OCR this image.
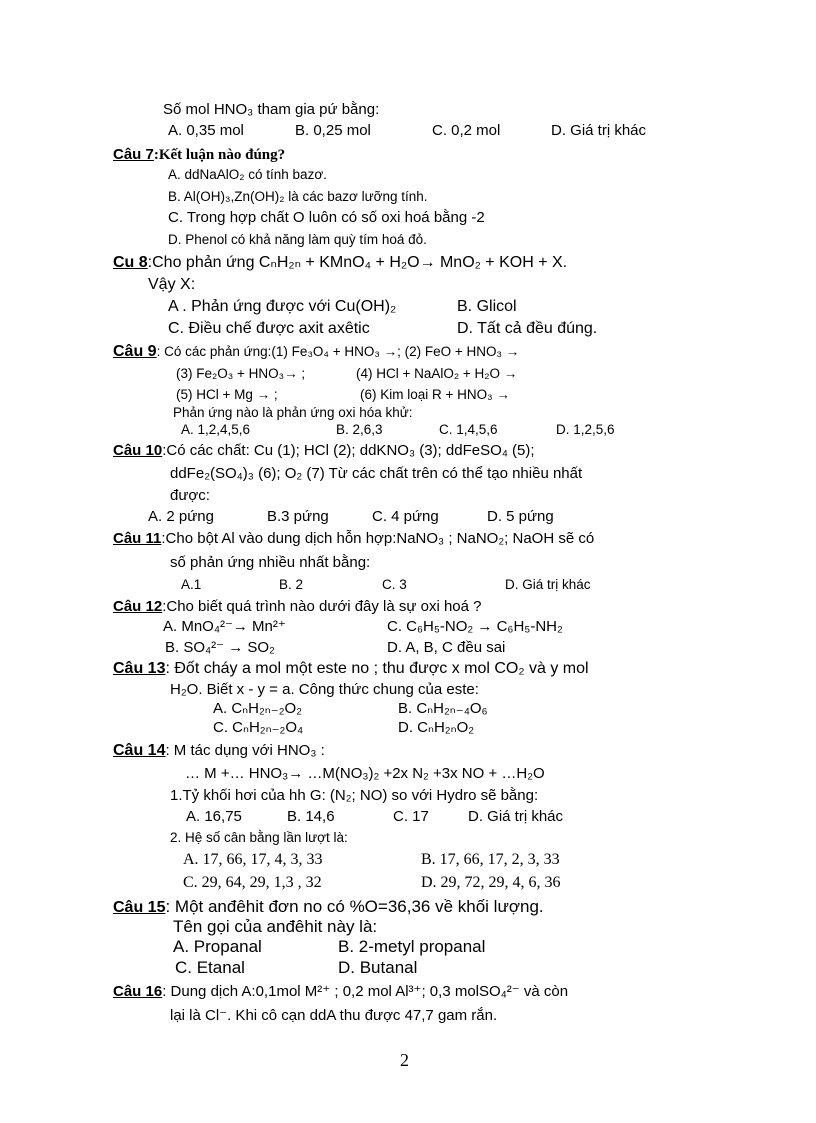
Số mol HNO₃ tham gia pứ bằng:
A. 0,35 mol	B. 0,25 mol	C. 0,2 mol	D. Giá trị khác
Câu 7:Kết luận nào đúng?
A. ddNaAlO₂ có tính bazơ.
B. Al(OH)₃,Zn(OH)₂ là các bazơ lưỡng tính.
C. Trong hợp chất O luôn có số oxi hoá bằng -2
D. Phenol có khả năng làm quỳ tím hoá đỏ.
Cu 8:Cho phản ứng CₙH₂ₙ + KMnO₄ + H₂O→ MnO₂ + KOH + X.
Vậy X:
A . Phản ứng được với Cu(OH)₂	B. Glicol
C. Điều chế được axit axêtic	D. Tất cả đều đúng.
Câu 9: Có các phản ứng:(1) Fe₃O₄ + HNO₃ →; (2) FeO + HNO₃ →
(3) Fe₂O₃ + HNO₃→ ;	(4) HCl + NaAlO₂ + H₂O →
(5) HCl + Mg → ;	(6) Kim loại R + HNO₃ →
Phản ứng nào là phản ứng oxi hóa khử:
A. 1,2,4,5,6	B. 2,6,3	C. 1,4,5,6	D. 1,2,5,6
Câu 10:Có các chất: Cu (1); HCl (2); ddKNO₃ (3); ddFeSO₄ (5);
ddFe₂(SO₄)₃ (6); O₂ (7) Từ các chất trên có thể tạo nhiều nhất
được:
A. 2 pứng	B.3 pứng	C. 4 pứng	D. 5 pứng
Câu 11:Cho bột Al vào dung dịch hỗn hợp:NaNO₃ ; NaNO₂; NaOH sẽ có
số phản ứng nhiều nhất bằng:
A.1	B. 2	C. 3	D. Giá trị khác
Câu 12:Cho biết quá trình nào dưới đây là sự oxi hoá ?
A. MnO₄²⁻→ Mn²⁺	C. C₆H₅-NO₂ → C₆H₅-NH₂
B. SO₄²⁻ → SO₂	D. A, B, C đều sai
Câu 13: Đốt cháy a mol một este no ; thu được x mol CO₂ và y mol
H₂O. Biết x - y = a. Công thức chung của este:
A. CₙH₂ₙ₋₂O₂	B. CₙH₂ₙ₋₄O₆
C. CₙH₂ₙ₋₂O₄	D. CₙH₂ₙO₂
Câu 14: M tác dụng với HNO₃ :
… M +… HNO₃→ …M(NO₃)₂ +2x N₂ +3x NO + …H₂O
1.Tỷ khối hơi của hh G: (N₂; NO) so với Hydro sẽ bằng:
A. 16,75	B. 14,6	C. 17	D. Giá trị khác
2. Hệ số cân bằng lần lượt là:
A. 17, 66, 17, 4, 3, 33	B. 17, 66, 17, 2, 3, 33
C. 29, 64, 29, 1,3 , 32	D. 29, 72, 29, 4, 6, 36
Câu 15: Một anđêhit đơn no có %O=36,36 về khối lượng.
Tên gọi của anđêhit này là:
A. Propanal	B. 2-metyl propanal
C. Etanal	D. Butanal
Câu 16: Dung dịch A:0,1mol M²⁺ ; 0,2 mol Al³⁺; 0,3 molSO₄²⁻ và còn
lại là Cl⁻. Khi cô cạn ddA thu được 47,7 gam rắn.
2
